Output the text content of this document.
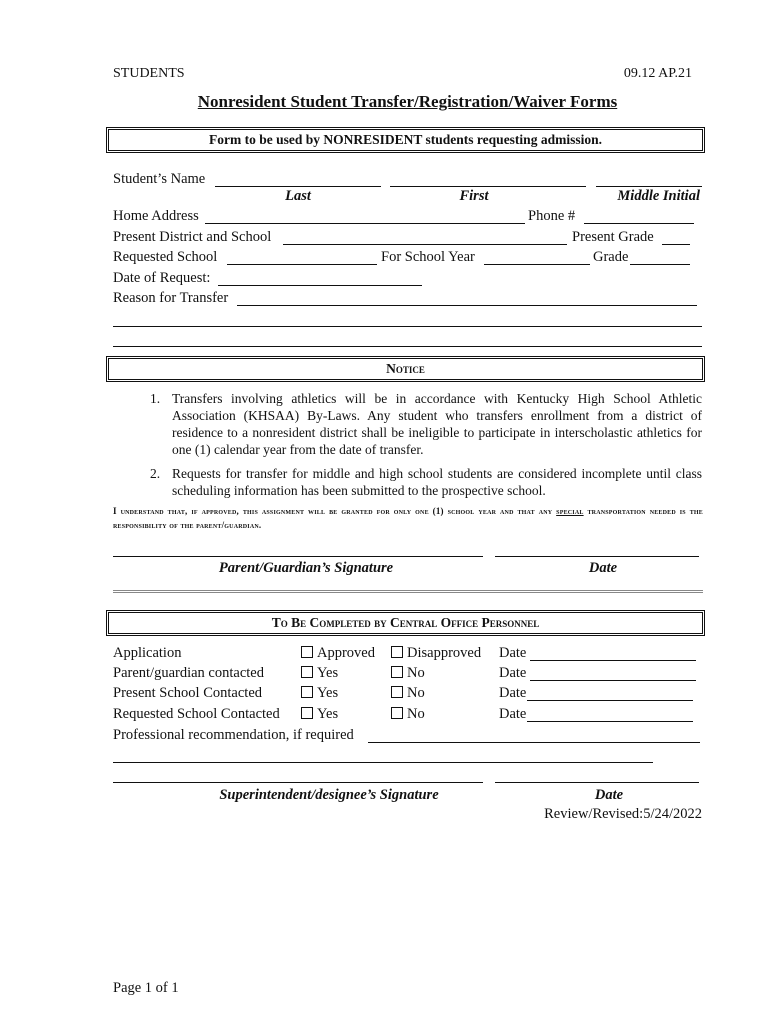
STUDENTS	09.12 AP.21
Nonresident Student Transfer/Registration/Waiver Forms
Form to be used by NONRESIDENT students requesting admission.
Student’s Name
Last	First	Middle Initial
Home Address	Phone #
Present District and School	Present Grade
Requested School	For School Year	Grade
Date of Request:
Reason for Transfer
Notice
1. Transfers involving athletics will be in accordance with Kentucky High School Athletic Association (KHSAA) By-Laws. Any student who transfers enrollment from a district of residence to a nonresident district shall be ineligible to participate in interscholastic athletics for one (1) calendar year from the date of transfer.
2. Requests for transfer for middle and high school students are considered incomplete until class scheduling information has been submitted to the prospective school.
I understand that, if approved, this assignment will be granted for only one (1) school year and that any special transportation needed is the responsibility of the parent/guardian.
Parent/Guardian’s Signature	Date
To Be Completed by Central Office Personnel
Application	Approved	Disapproved Date
Parent/guardian contacted	Yes	No	Date
Present School Contacted	Yes	No	Date
Requested School Contacted	Yes	No	Date
Professional recommendation, if required
Superintendent/designee’s Signature	Date
Review/Revised:5/24/2022
Page 1 of 1
